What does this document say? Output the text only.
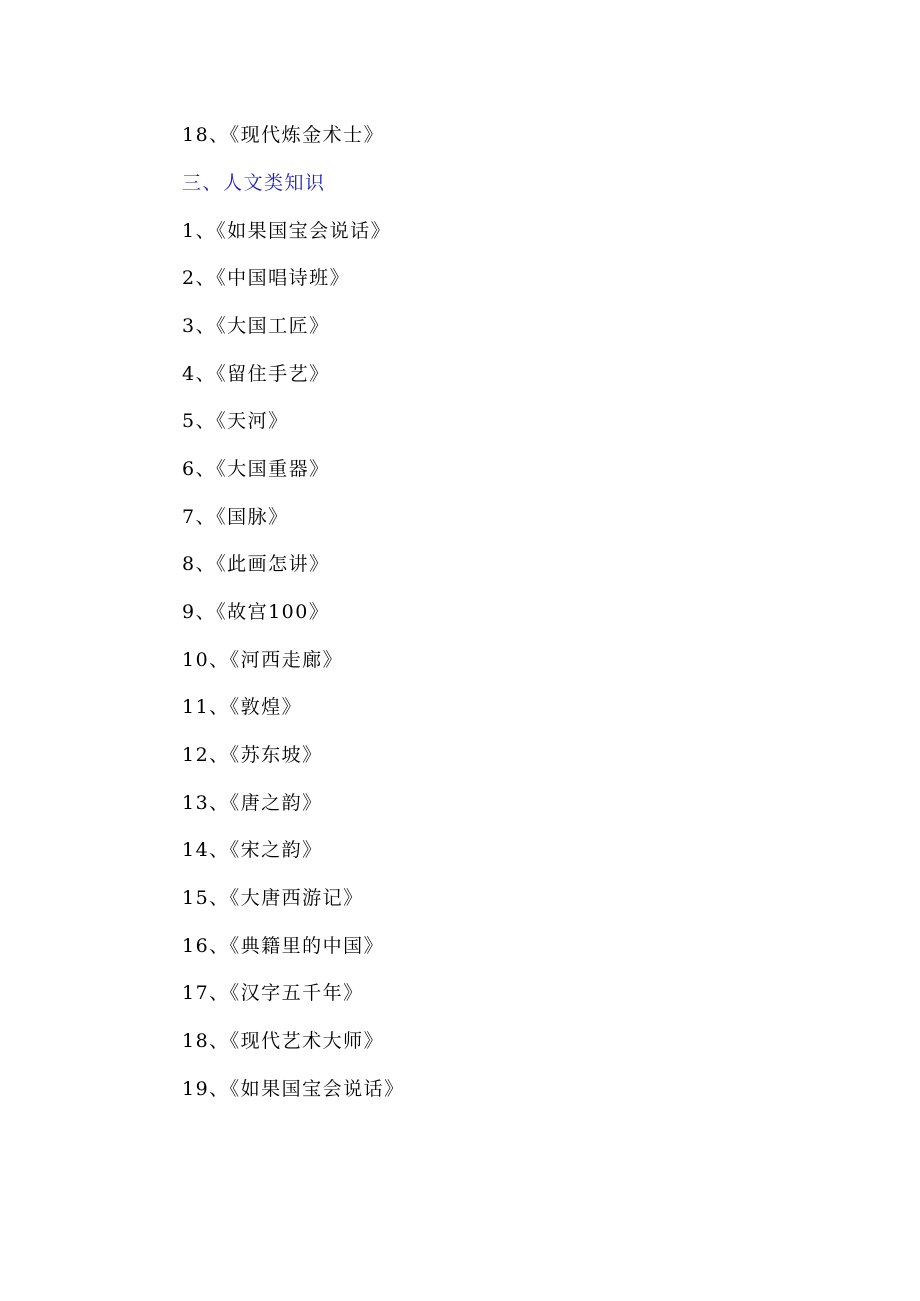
18、《现代炼金术士》
三、人文类知识
1、《如果国宝会说话》
2、《中国唱诗班》
3、《大国工匠》
4、《留住手艺》
5、《天河》
6、《大国重器》
7、《国脉》
8、《此画怎讲》
9、《故宫100》
10、《河西走廊》
11、《敦煌》
12、《苏东坡》
13、《唐之韵》
14、《宋之韵》
15、《大唐西游记》
16、《典籍里的中国》
17、《汉字五千年》
18、《现代艺术大师》
19、《如果国宝会说话》
